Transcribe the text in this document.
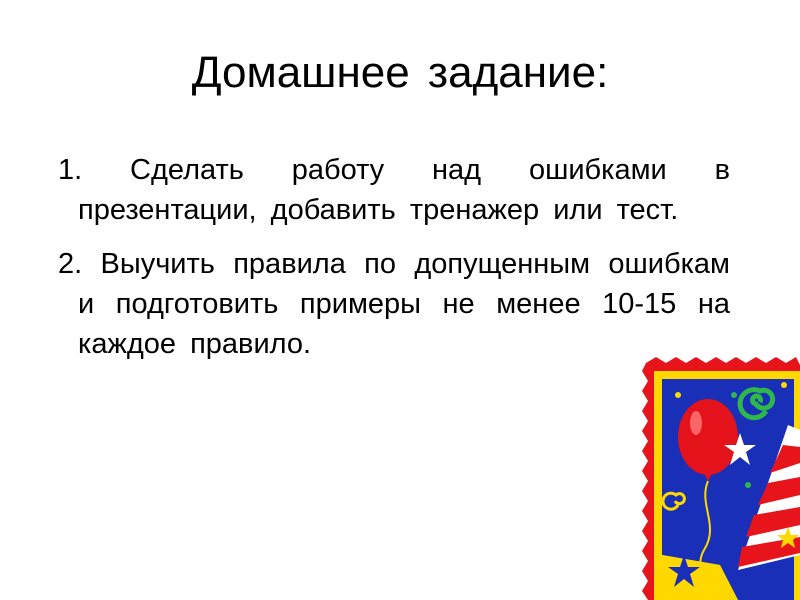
Домашнее задание:
1. Сделать работу над ошибками в презентации, добавить тренажер или тест.
2. Выучить правила по допущенным ошибкам и подготовить примеры не менее 10-15 на каждое правило.
